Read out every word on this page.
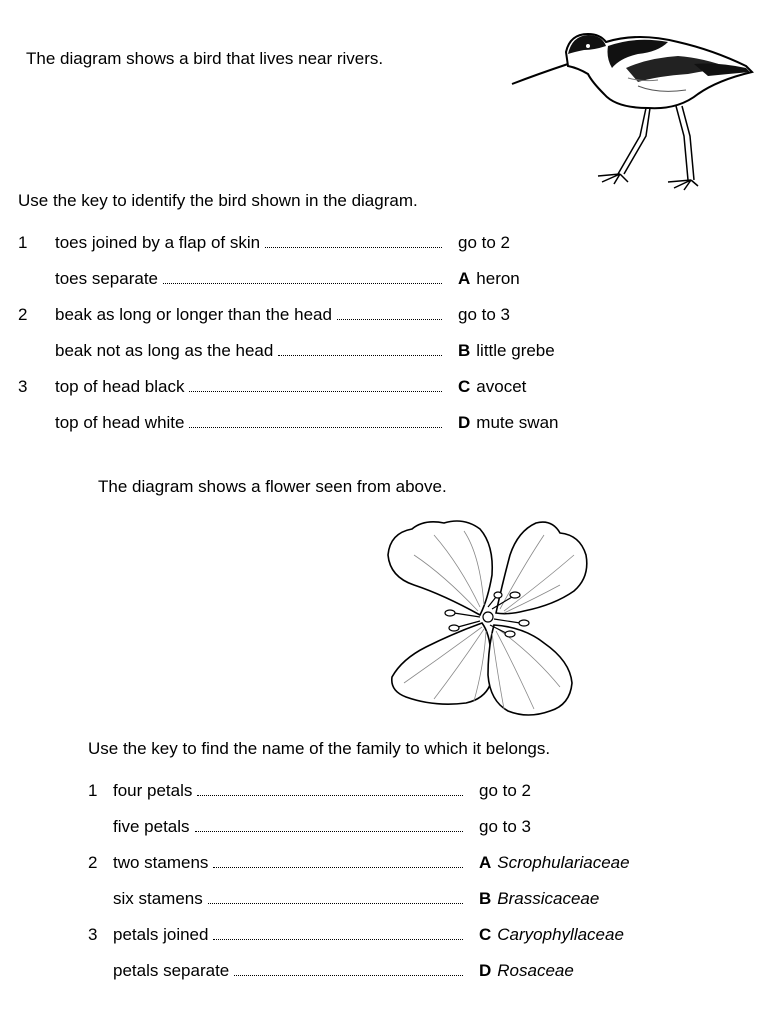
The diagram shows a bird that lives near rivers.
Use the key to identify the bird shown in the diagram.
1 toes joined by a flap of skin	go to 2
toes separate	A heron
2 beak as long or longer than the head	go to 3
beak not as long as the head	B little grebe
3 top of head black	C avocet
top of head white	D mute swan
The diagram shows a flower seen from above.
Use the key to find the name of the family to which it belongs.
1 four petals	go to 2
five petals	go to 3
2 two stamens	A Scrophulariaceae
six stamens	B Brassicaceae
3 petals joined	C Caryophyllaceae
petals separate	D Rosaceae
